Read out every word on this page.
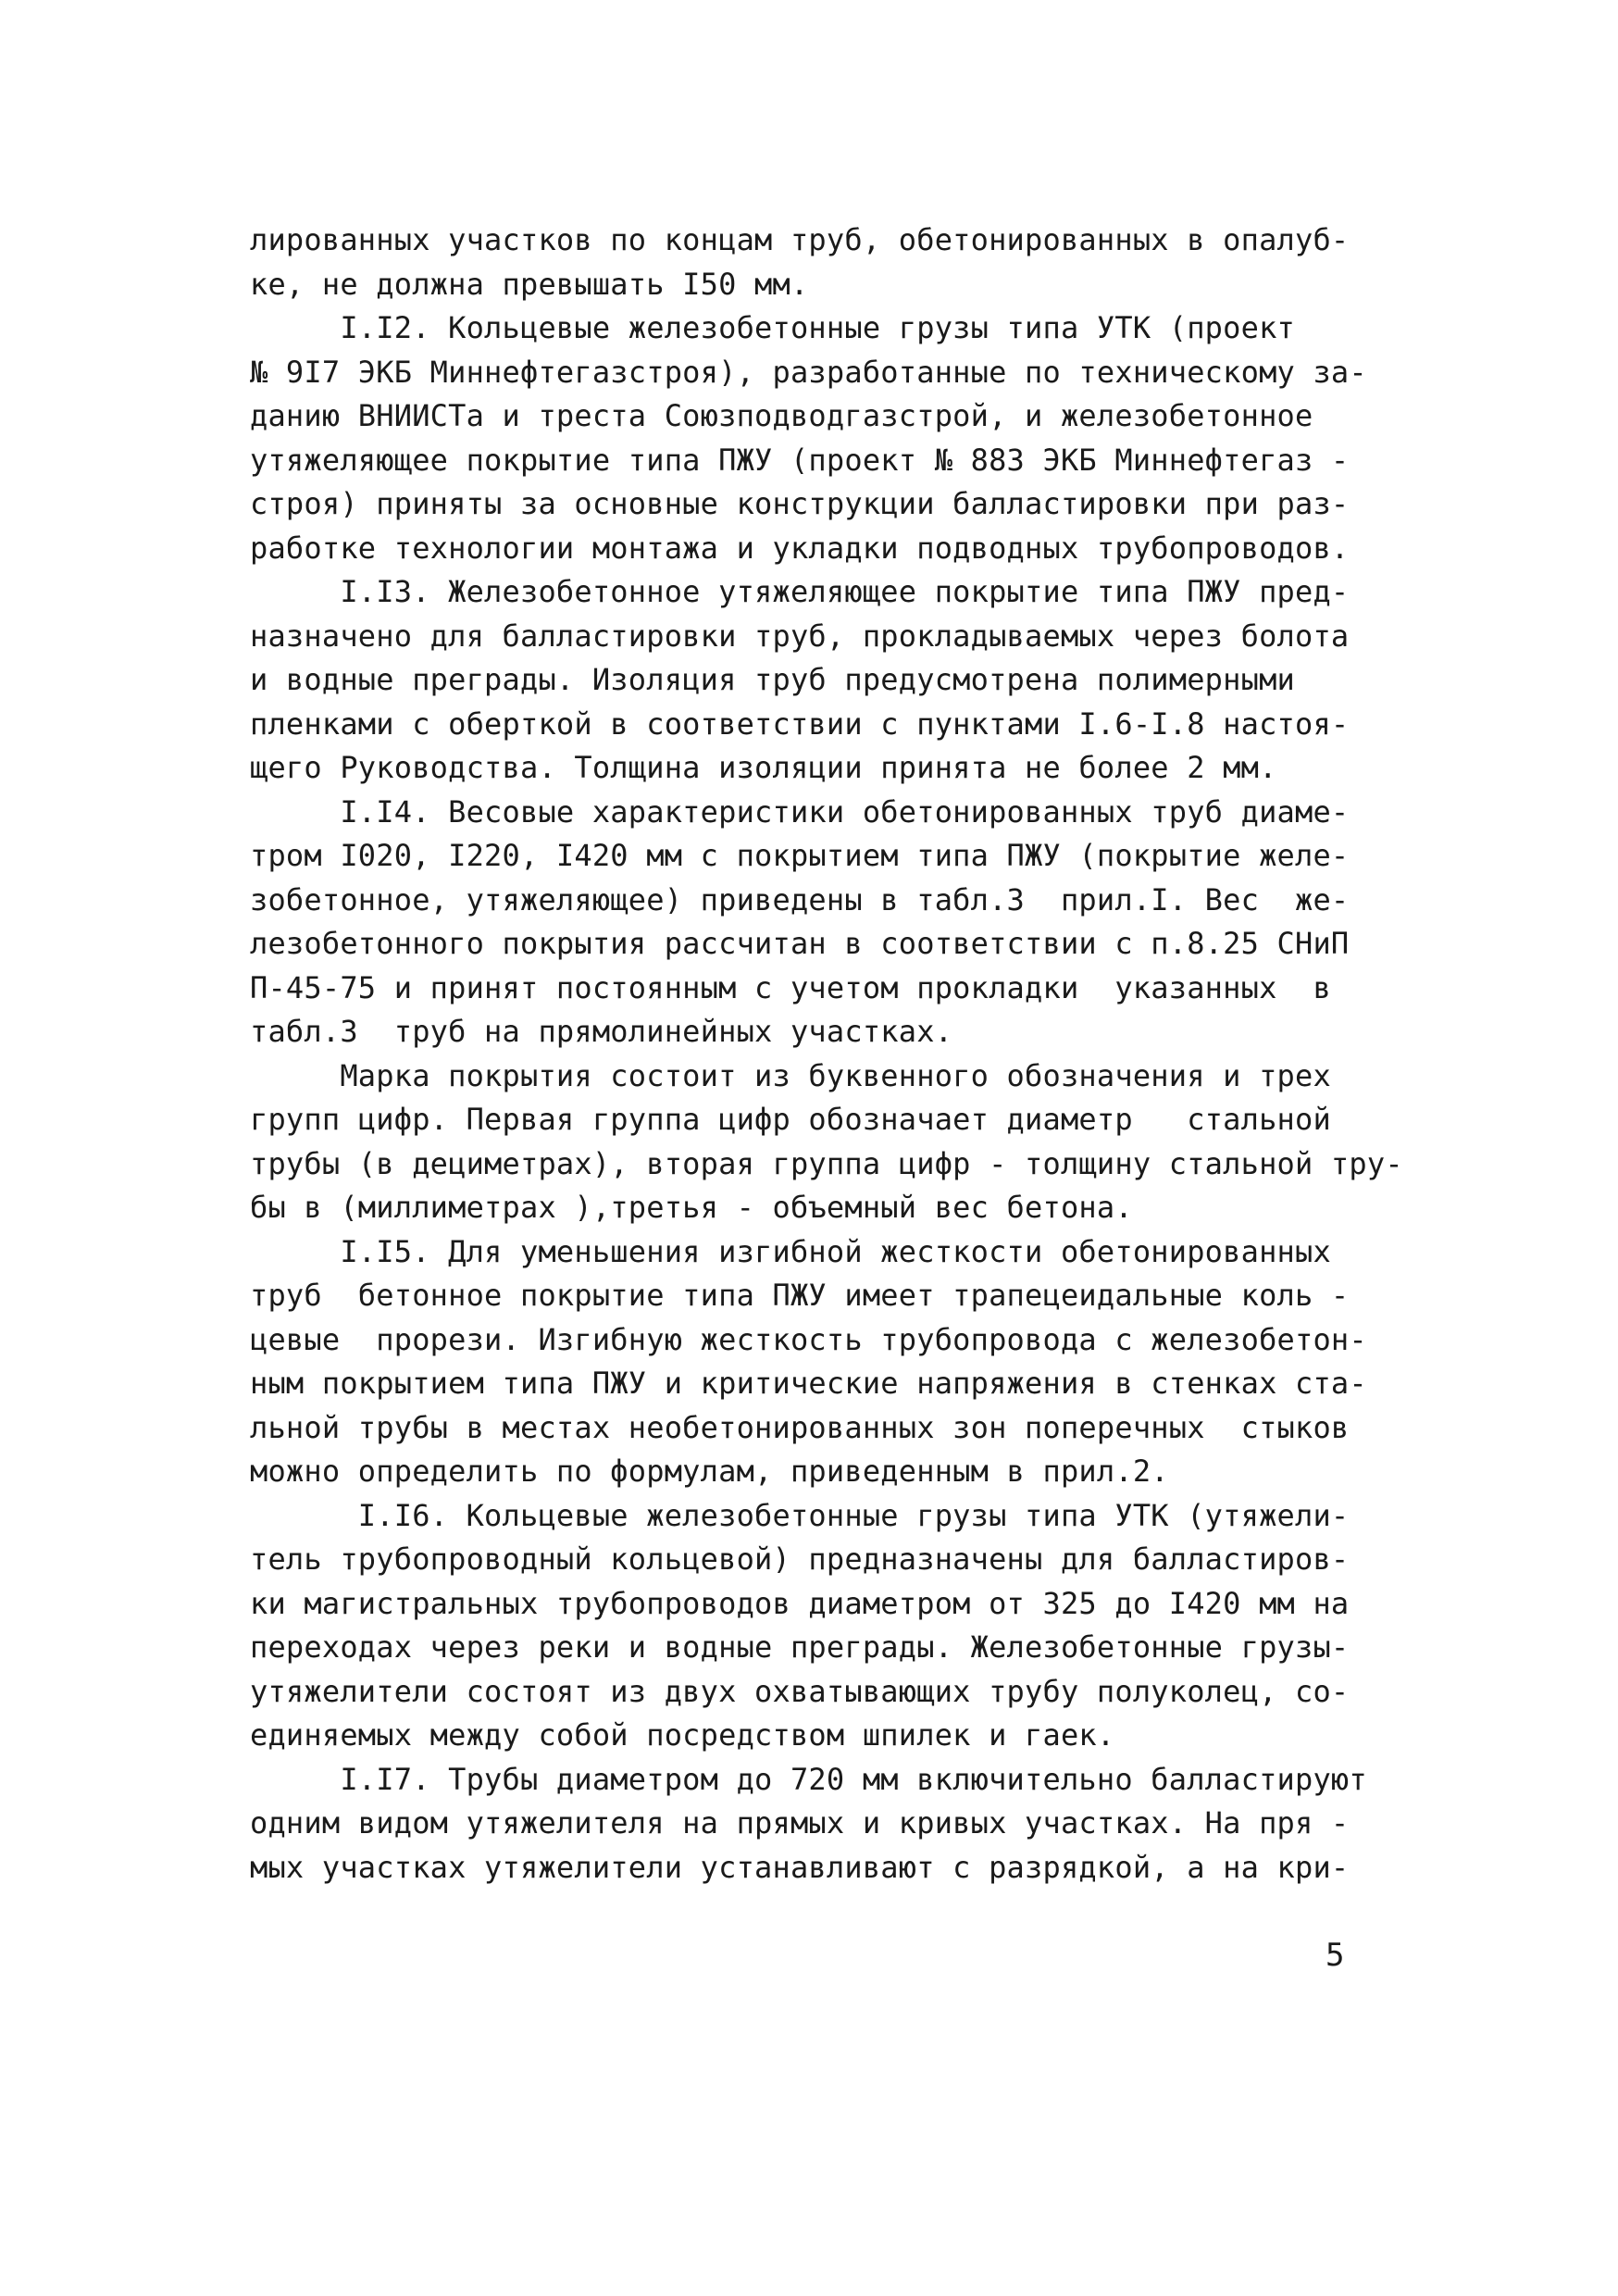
лированных участков по концам труб, обетонированных в опалуб-
ке, не должна превышать I50 мм.
I.I2. Кольцевые железобетонные грузы типа УТК (проект
№ 9I7 ЭКБ Миннефтегазстроя), разработанные по техническому за-
данию ВНИИСТа и треста Союзподводгазстрой, и железобетонное
утяжеляющее покрытие типа ПЖУ (проект № 883 ЭКБ Миннефтегаз -
строя) приняты за основные конструкции балластировки при раз-
работке технологии монтажа и укладки подводных трубопроводов.
I.I3. Железобетонное утяжеляющее покрытие типа ПЖУ пред-
назначено для балластировки труб, прокладываемых через болота
и водные преграды. Изоляция труб предусмотрена полимерными
пленками с оберткой в соответствии с пунктами I.6-I.8 настоя-
щего Руководства. Толщина изоляции принята не более 2 мм.
I.I4. Весовые характеристики обетонированных труб диаме-
тром I020, I220, I420 мм с покрытием типа ПЖУ (покрытие желе-
зобетонное, утяжеляющее) приведены в табл.3  прил.I. Вес  же-
лезобетонного покрытия рассчитан в соответствии с п.8.25 СНиП
П-45-75 и принят постоянным с учетом прокладки  указанных  в
табл.3  труб на прямолинейных участках.
Марка покрытия состоит из буквенного обозначения и трех
групп цифр. Первая группа цифр обозначает диаметр   стальной
трубы (в дециметрах), вторая группа цифр - толщину стальной тру-
бы в (миллиметрах ),третья - объемный вес бетона.
I.I5. Для уменьшения изгибной жесткости обетонированных
труб  бетонное покрытие типа ПЖУ имеет трапецеидальные коль -
цевые  прорези. Изгибную жесткость трубопровода с железобетон-
ным покрытием типа ПЖУ и критические напряжения в стенках ста-
льной трубы в местах необетонированных зон поперечных  стыков
можно определить по формулам, приведенным в прил.2.
I.I6. Кольцевые железобетонные грузы типа УТК (утяжели-
тель трубопроводный кольцевой) предназначены для балластиров-
ки магистральных трубопроводов диаметром от 325 до I420 мм на
переходах через реки и водные преграды. Железобетонные грузы-
утяжелители состоят из двух охватывающих трубу полуколец, со-
единяемых между собой посредством шпилек и гаек.
I.I7. Трубы диаметром до 720 мм включительно балластируют
одним видом утяжелителя на прямых и кривых участках. На пря -
мых участках утяжелители устанавливают с разрядкой, а на кри-
5
